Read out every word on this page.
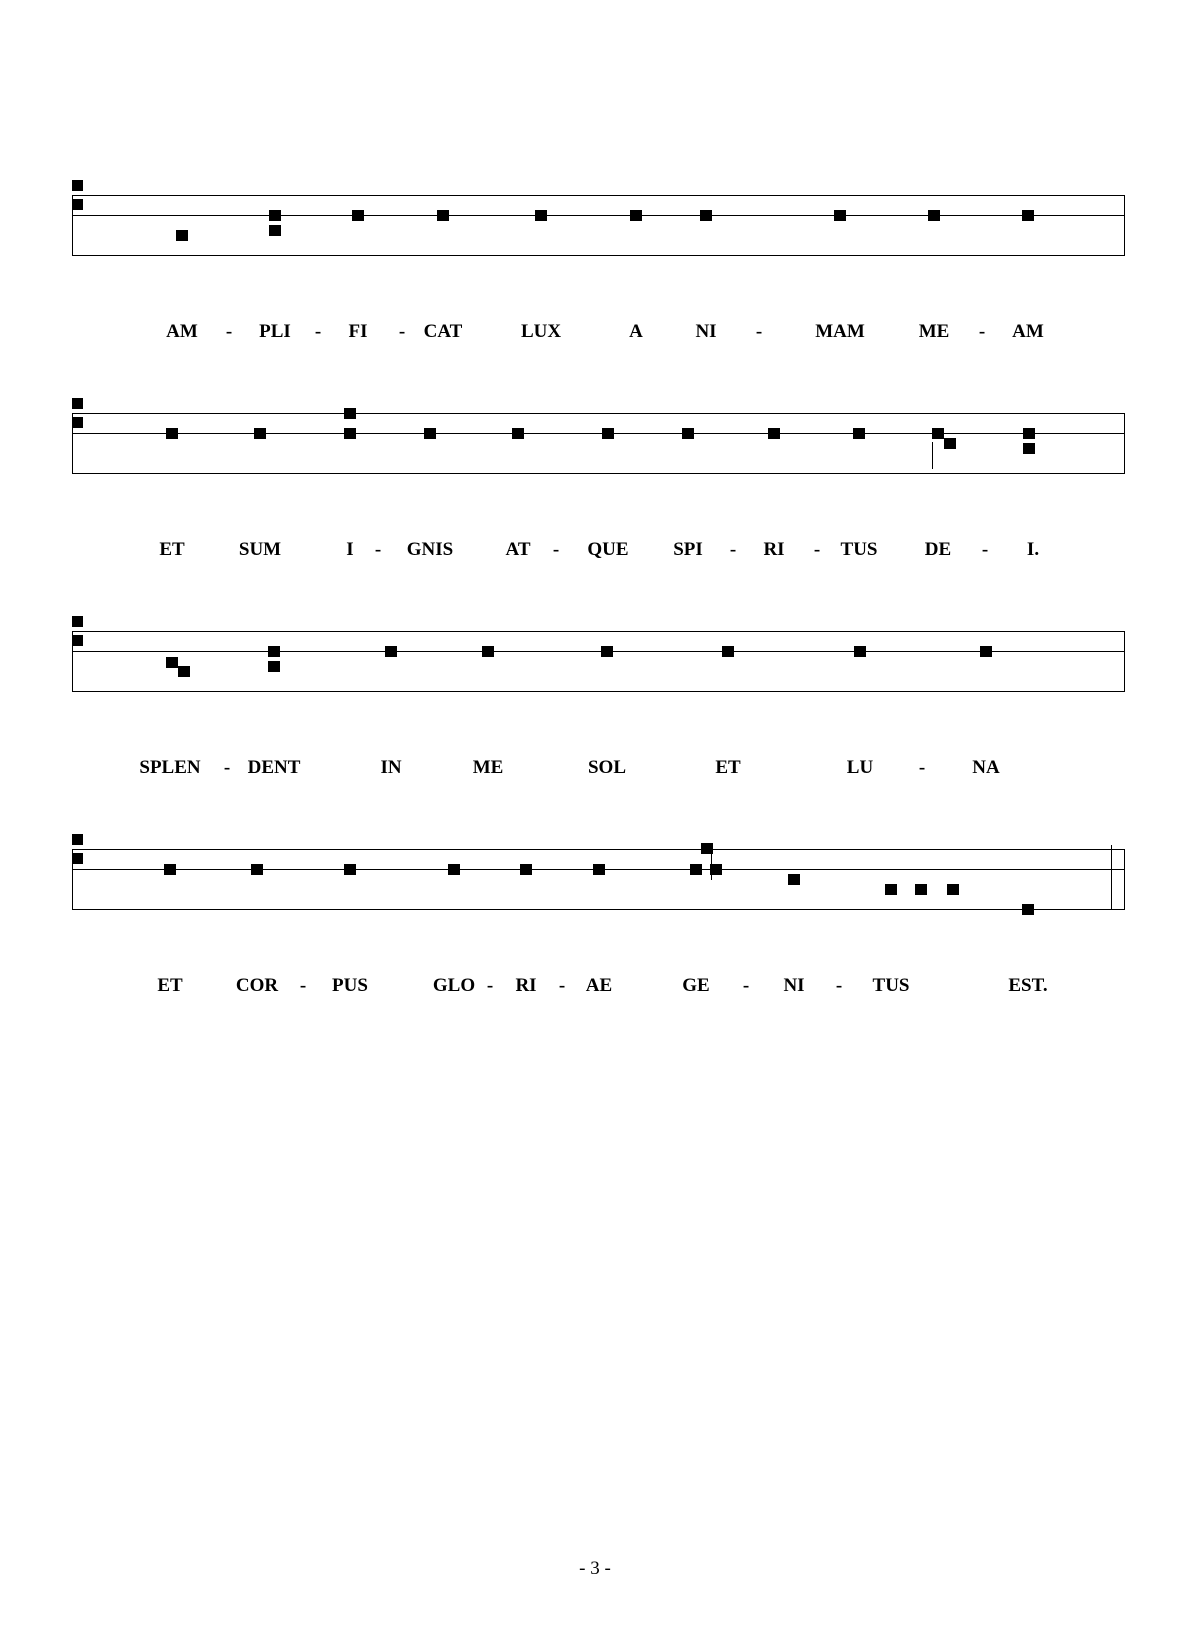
AM	PLI	FI	CAT	LUX	A	NI	MAM	ME	AM
-	-	-	-	-
ET	SUM	I	GNIS	AT	QUE SPI	RI	TUS DE	I.
-	-	-	-	-
SPLEN DENT	IN	ME	SOL	ET	LU	NA
-	-
ET	COR	PUS	GLO RI	AE	GE	NI	TUS	EST.
-	-	-	-	-
- 3 -
